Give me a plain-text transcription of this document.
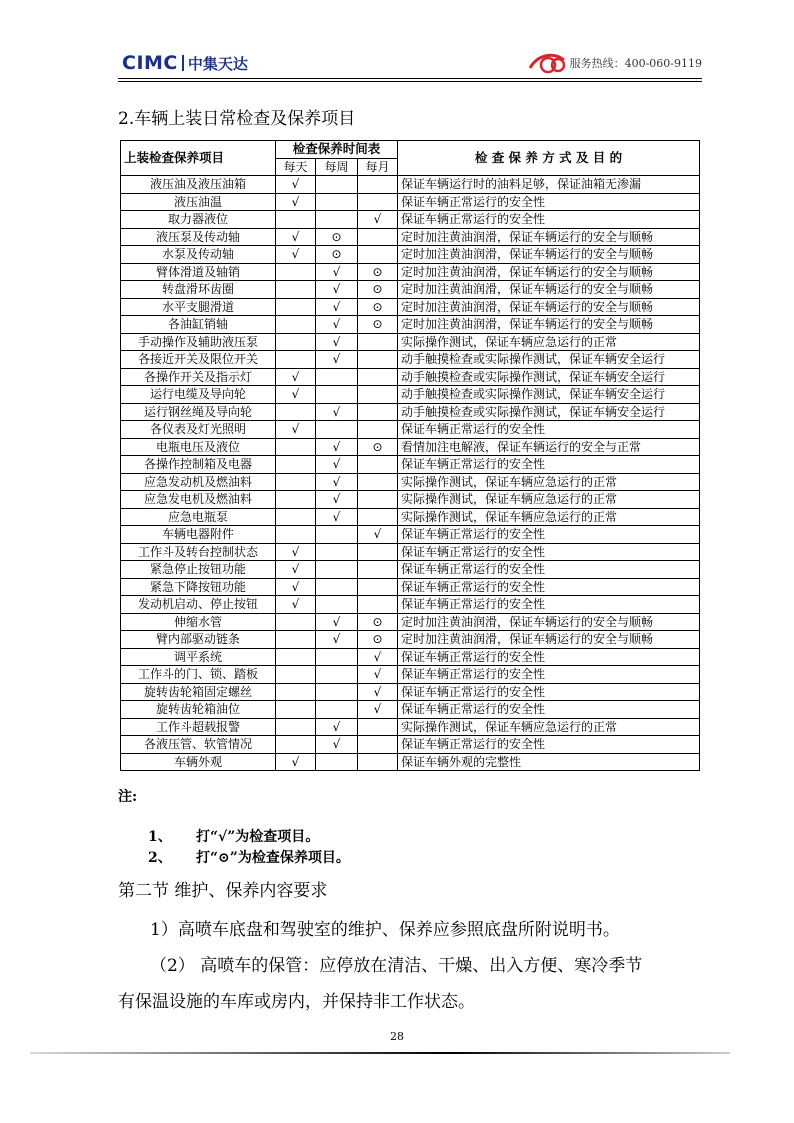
CIMC 中集天达	服务热线：400-060-9119
2.车辆上装日常检查及保养项目
上装检查保养项目	检查保养时间表			检 查 保 养 方 式 及 目 的
	每天	每周	每月	
液压油及液压油箱	√			保证车辆运行时的油料足够，保证油箱无渗漏
液压油温	√			保证车辆正常运行的安全性
取力器液位			√	保证车辆正常运行的安全性
液压泵及传动轴	√	⊙		定时加注黄油润滑，保证车辆运行的安全与顺畅
水泵及传动轴	√	⊙		定时加注黄油润滑，保证车辆运行的安全与顺畅
臂体滑道及轴销		√	⊙	定时加注黄油润滑，保证车辆运行的安全与顺畅
转盘滑环齿圈		√	⊙	定时加注黄油润滑，保证车辆运行的安全与顺畅
水平支腿滑道		√	⊙	定时加注黄油润滑，保证车辆运行的安全与顺畅
各油缸销轴		√	⊙	定时加注黄油润滑，保证车辆运行的安全与顺畅
手动操作及辅助液压泵		√		实际操作测试，保证车辆应急运行的正常
各接近开关及限位开关		√		动手触摸检查或实际操作测试，保证车辆安全运行
各操作开关及指示灯	√			动手触摸检查或实际操作测试，保证车辆安全运行
运行电缆及导向轮	√			动手触摸检查或实际操作测试，保证车辆安全运行
运行钢丝绳及导向轮		√		动手触摸检查或实际操作测试，保证车辆安全运行
各仪表及灯光照明	√			保证车辆正常运行的安全性
电瓶电压及液位		√	⊙	看情加注电解液，保证车辆运行的安全与正常
各操作控制箱及电器		√		保证车辆正常运行的安全性
应急发动机及燃油料		√		实际操作测试，保证车辆应急运行的正常
应急发电机及燃油料		√		实际操作测试，保证车辆应急运行的正常
应急电瓶泵		√		实际操作测试，保证车辆应急运行的正常
车辆电器附件			√	保证车辆正常运行的安全性
工作斗及转台控制状态	√			保证车辆正常运行的安全性
紧急停止按钮功能	√			保证车辆正常运行的安全性
紧急下降按钮功能	√			保证车辆正常运行的安全性
发动机启动、停止按钮	√			保证车辆正常运行的安全性
伸缩水管		√	⊙	定时加注黄油润滑，保证车辆运行的安全与顺畅
臂内部驱动链条		√	⊙	定时加注黄油润滑，保证车辆运行的安全与顺畅
调平系统			√	保证车辆正常运行的安全性
工作斗的门、锁、踏板			√	保证车辆正常运行的安全性
旋转齿轮箱固定螺丝			√	保证车辆正常运行的安全性
旋转齿轮箱油位			√	保证车辆正常运行的安全性
工作斗超载报警		√		实际操作测试，保证车辆应急运行的正常
各液压管、软管情况		√		保证车辆正常运行的安全性
车辆外观	√			保证车辆外观的完整性
注:
1、 打“√”为检查项目。
2、 打“⊙”为检查保养项目。
第二节 维护、保养内容要求
1）高喷车底盘和驾驶室的维护、保养应参照底盘所附说明书。
（2） 高喷车的保管：应停放在清洁、干燥、出入方便、寒冷季节
有保温设施的车库或房内，并保持非工作状态。
28
